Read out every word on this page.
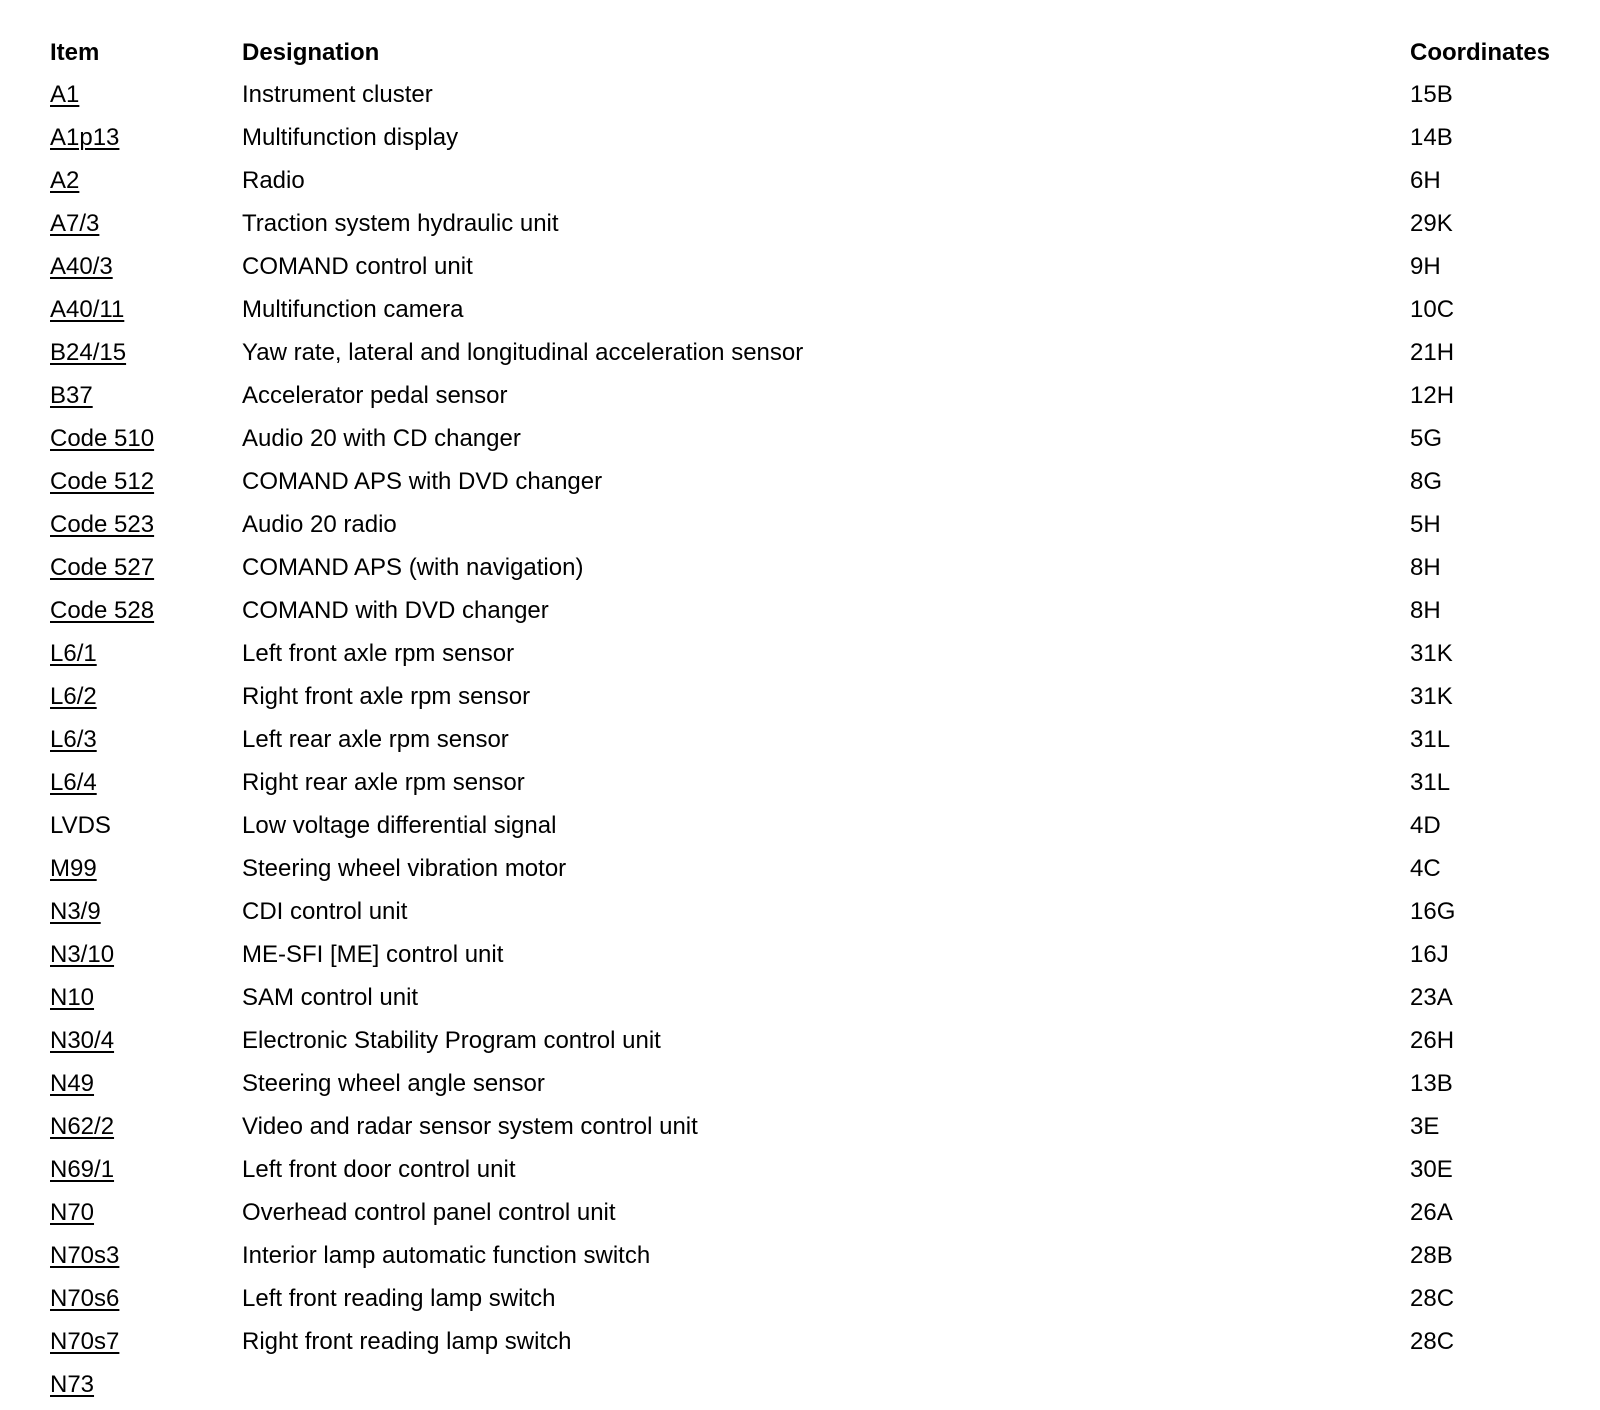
Item	Designation	Coordinates
A1	Instrument cluster	15B
A1p13	Multifunction display	14B
A2	Radio	6H
A7/3	Traction system hydraulic unit	29K
A40/3	COMAND control unit	9H
A40/11	Multifunction camera	10C
B24/15	Yaw rate, lateral and longitudinal acceleration sensor	21H
B37	Accelerator pedal sensor	12H
Code 510	Audio 20 with CD changer	5G
Code 512	COMAND APS with DVD changer	8G
Code 523	Audio 20 radio	5H
Code 527	COMAND APS (with navigation)	8H
Code 528	COMAND with DVD changer	8H
L6/1	Left front axle rpm sensor	31K
L6/2	Right front axle rpm sensor	31K
L6/3	Left rear axle rpm sensor	31L
L6/4	Right rear axle rpm sensor	31L
LVDS	Low voltage differential signal	4D
M99	Steering wheel vibration motor	4C
N3/9	CDI control unit	16G
N3/10	ME-SFI [ME] control unit	16J
N10	SAM control unit	23A
N30/4	Electronic Stability Program control unit	26H
N49	Steering wheel angle sensor	13B
N62/2	Video and radar sensor system control unit	3E
N69/1	Left front door control unit	30E
N70	Overhead control panel control unit	26A
N70s3	Interior lamp automatic function switch	28B
N70s6	Left front reading lamp switch	28C
N70s7	Right front reading lamp switch	28C
N73
